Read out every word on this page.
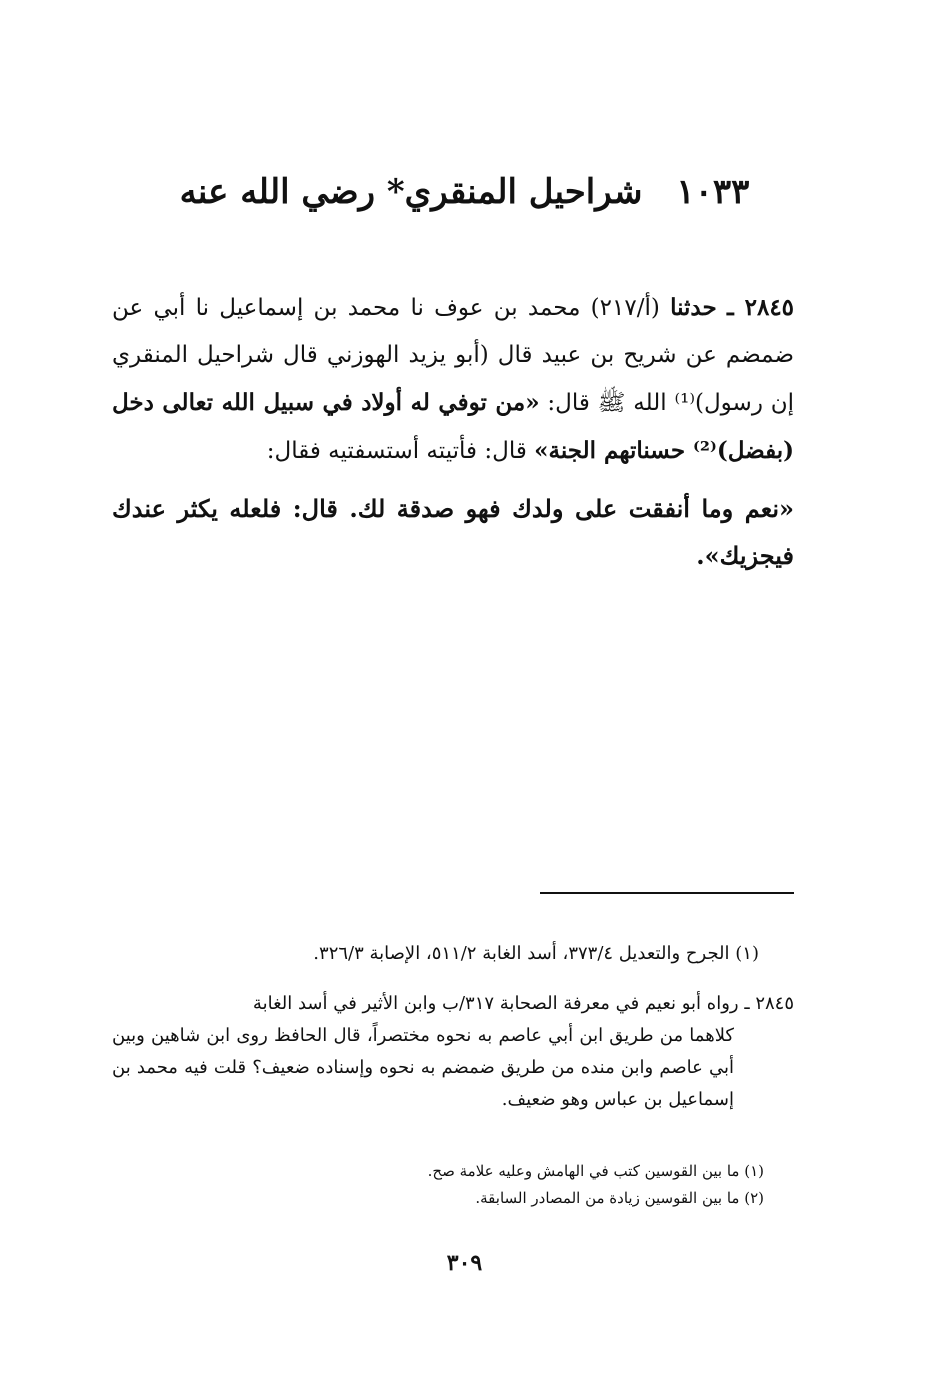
١٠٣٣ شراحيل المنقري* رضي الله عنه

٢٨٤٥ ـ حدثنا (أ/٢١٧) محمد بن عوف نا محمد بن إسماعيل نا أبي عن ضمضم عن شريح بن عبيد قال (أبو يزيد الهوزني قال شراحيل المنقري إن رسول)⁽¹⁾ الله ﷺ قال: «من توفي له أولاد في سبيل الله تعالى دخل (بفضل)⁽²⁾ حسناتهم الجنة» قال: فأتيته أستسفتيه فقال:

«نعم وما أنفقت على ولدك فهو صدقة لك. قال: فلعله يكثر عندك فيجزيك».

(١) الجرح والتعديل ٣٧٣/٤، أسد الغابة ٥١١/٢، الإصابة ٣٢٦/٣.
٢٨٤٥ ـ رواه أبو نعيم في معرفة الصحابة ٣١٧/ب وابن الأثير في أسد الغابة
كلاهما من طريق ابن أبي عاصم به نحوه مختصراً، قال الحافظ روى ابن شاهين وبين أبي عاصم وابن منده من طريق ضمضم به نحوه وإسناده ضعيف؟ قلت فيه محمد بن إسماعيل بن عباس وهو ضعيف.
(١) ما بين القوسين كتب في الهامش وعليه علامة صح.
(٢) ما بين القوسين زيادة من المصادر السابقة.
٣٠٩
